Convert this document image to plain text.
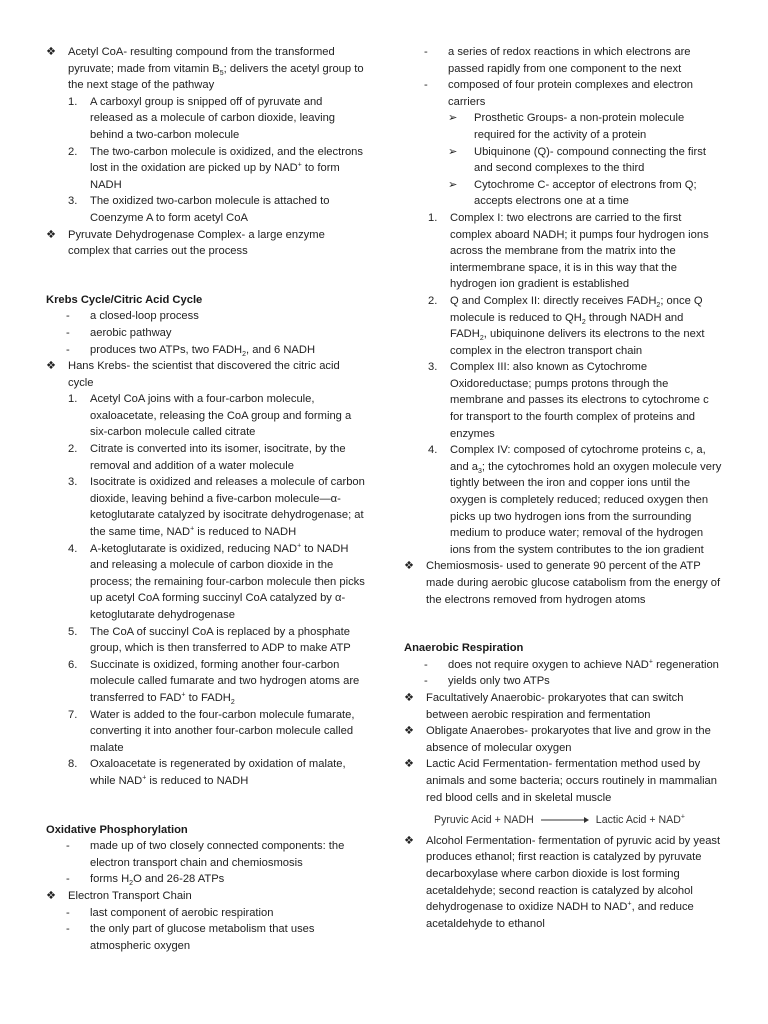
❖	Acetyl CoA- resulting compound from the transformed pyruvate; made from vitamin $B_5$; delivers the acetyl group to the next stage of the pathway

1.	A carboxyl group is snipped off of pyruvate and released as a molecule of carbon dioxide, leaving behind a two-carbon molecule

2.	The two-carbon molecule is oxidized, and the electrons lost in the oxidation are picked up by NAD+ to form NADH

3.	The oxidized two-carbon molecule is attached to Coenzyme A to form acetyl CoA

❖	Pyruvate Dehydrogenase Complex- a large enzyme complex that carries out the process

Krebs Cycle/Citric Acid Cycle

-	a closed-loop process

-	aerobic pathway

-	produces two ATPs, two $FADH_2$, and 6 NADH

❖	Hans Krebs- the scientist that discovered the citric acid cycle

1.	Acetyl CoA joins with a four-carbon molecule, oxaloacetate, releasing the CoA group and forming a six-carbon molecule called citrate

2.	Citrate is converted into its isomer, isocitrate, by the removal and addition of a water molecule

3.	Isocitrate is oxidized and releases a molecule of carbon dioxide, leaving behind a five-carbon molecule—α-ketoglutarate catalyzed by isocitrate dehydrogenase; at the same time, NAD+ is reduced to NADH

4.	A-ketoglutarate is oxidized, reducing NAD+ to NADH and releasing a molecule of carbon dioxide in the process; the remaining four-carbon molecule then picks up acetyl CoA forming succinyl CoA catalyzed by α-ketoglutarate dehydrogenase

5.	The CoA of succinyl CoA is replaced by a phosphate group, which is then transferred to ADP to make ATP

6.	Succinate is oxidized, forming another four-carbon molecule called fumarate and two hydrogen atoms are transferred to FAD+ to $FADH_2$

7.	Water is added to the four-carbon molecule fumarate, converting it into another four-carbon molecule called malate

8.	Oxaloacetate is regenerated by oxidation of malate, while NAD+ is reduced to NADH

Oxidative Phosphorylation

-	made up of two closely connected components: the electron transport chain and chemiosmosis

-	forms $H_2O$ and 26-28 ATPs

❖	Electron Transport Chain

-	last component of aerobic respiration

-	the only part of glucose metabolism that uses atmospheric oxygen

-	a series of redox reactions in which electrons are passed rapidly from one component to the next

-	composed of four protein complexes and electron carriers

➢	Prosthetic Groups- a non-protein molecule required for the activity of a protein

➢	Ubiquinone (Q)- compound connecting the first and second complexes to the third

➢	Cytochrome C- acceptor of electrons from Q; accepts electrons one at a time

1.	Complex I: two electrons are carried to the first complex aboard NADH; it pumps four hydrogen ions across the membrane from the matrix into the intermembrane space, it is in this way that the hydrogen ion gradient is established

2.	Q and Complex II: directly receives $FADH_2$; once Q molecule is reduced to $QH_2$ through NADH and $FADH_2$, ubiquinone delivers its electrons to the next complex in the electron transport chain

3.	Complex III: also known as Cytochrome Oxidoreductase; pumps protons through the membrane and passes its electrons to cytochrome c for transport to the fourth complex of proteins and enzymes

4.	Complex IV: composed of cytochrome proteins c, a, and $a_3$; the cytochromes hold an oxygen molecule very tightly between the iron and copper ions until the oxygen is completely reduced; reduced oxygen then picks up two hydrogen ions from the surrounding medium to produce water; removal of the hydrogen ions from the system contributes to the ion gradient

❖	Chemiosmosis- used to generate 90 percent of the ATP made during aerobic glucose catabolism from the energy of the electrons removed from hydrogen atoms

Anaerobic Respiration

-	does not require oxygen to achieve NAD+ regeneration

-	yields only two ATPs

❖	Facultatively Anaerobic- prokaryotes that can switch between aerobic respiration and fermentation

❖	Obligate Anaerobes- prokaryotes that live and grow in the absence of molecular oxygen

❖	Lactic Acid Fermentation- fermentation method used by animals and some bacteria; occurs routinely in mammalian red blood cells and in skeletal muscle

Pyruvic Acid + NADH	Lactic Acid + NAD+

❖	Alcohol Fermentation- fermentation of pyruvic acid by yeast produces ethanol; first reaction is catalyzed by pyruvate decarboxylase where carbon dioxide is lost forming acetaldehyde; second reaction is catalyzed by alcohol dehydrogenase to oxidize NADH to NAD+, and reduce acetaldehyde to ethanol
